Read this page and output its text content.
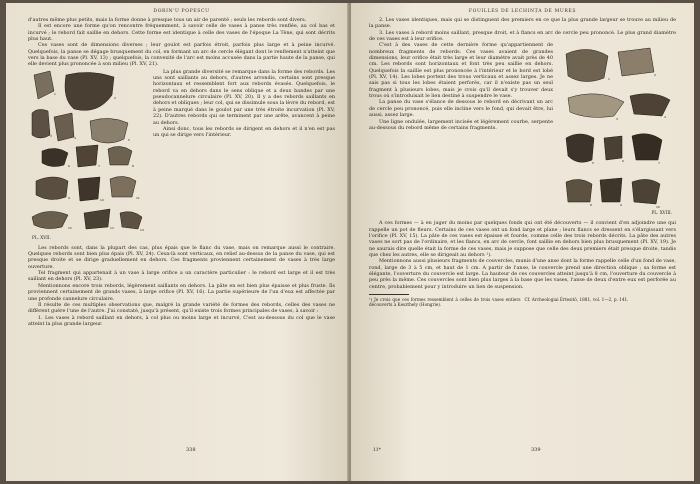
DORIN'U POPESCU

d'autres même plus petits, mais la forme donne à presque tous un air de parenté ; seuls les rebords sont divers.

Il est encore une forme qu'on rencontre fréquemment, à savoir celle de vases à panse très renflée, au col bas et incurvé ; le rebord fait saillie en dehors. Cette forme est identique à celle des vases de l'époque La Tène, qui sont décrits plus haut.

Ces vases sont de dimensions diverses ; leur goulot est parfois étroit, parfois plus large et à peine incurvé. Quelquefois, la panse se dégage brusquement du col, en formant un arc de cercle élégant dont le renflement n'atteint que vers la base du vase (Pl. XV, 13) ; quelquefois, la convexité de l'arc est moins accusée dans la partie haute de la panse, qui elle devient plus prononcée à son milieu (Pl. XV, 21).

1
2
3	4	5
6	7	8
9	10	11
12	13	14
PL. XVII.

La plus grande diversité se remarque dans la forme des rebords. Les uns sont saillants au dehors, d'autres arrondis, certains sont presque horizontaux et ressemblent fort aux rebords évasés. Quelquefois, le rebord va en dehors dans le sens oblique et a deux bandes par une pseudocannelure circulaire (Pl. XV, 20). Il y a des rebords saillants en dehors et obliques ; leur col, qui se dissimule sous la lèvre du rebord, est à peine marqué dans le goulot par une très étroite incurvation (Pl. XV, 22). D'autres rebords qui se terminent par une arête, avancent à peine au dehors.

Ainsi donc, tous les rebords se dirigent en dehors et il n'en est pas un qui se dirige vers l'intérieur.

Les rebords sont, dans la plupart des cas, plus épais que le flanc du vase, mais on remarque aussi le contraire. Quelques rebords sont bien plus épais (Pl. XV, 24). Ceux-là sont verticaux, en relief au-dessus de la panse du vase, qui est presque droite et se dirige graduellement en dehors. Ces fragments proviennent certainement de vases à très large ouverture.

Tel fragment qui appartenait à un vase à large orifice a un caractère particulier : le rebord est large et il est très saillant en dehors (Pl. XV, 23).

Mentionnons encore trois rebords, légèrement saillants en dehors. La pâte en est bien plus épaisse et plus fruste. Ils proviennent certainement de grands vases, à large orifice (Pl. XV, 16). La partie supérieure de l'un d'eux est affectée par une profonde cannelure circulaire.

Il résulte de ces multiples observations que, malgré la grande variété de formes des rebords, celles des vases ne diffèrent guère l'une de l'autre. J'ai constaté, jusqu'à présent, qu'il existe trois formes principales de vases, à savoir :

1. Les vases à rebord saillant en dehors, à col plus ou moins large et incurvé, C'est au-dessous du col que le vase atteint la plus grande largeur.

338
FOUILLES DE LECHINȚA DE MUREȘ

2. Les vases identiques, mais qui se distinguent des premiers en ce que la plus grande largeur se trouve au milieu de la panse.

3. Les vases à rebord moins saillant, presque droit, et à flancs en arc de cercle peu prononcé. Le plus grand diamètre de ces vases est à leur orifice.

C'est à des vases de cette dernière forme qu'appartiennent de nombreux fragments de rebords. Ces vases avaient de grandes dimensions, leur orifice était très large et leur diamètre avait près de 40 cm. Les rebords sont horizontaux et font très peu saillie en dehors. Quelquefois la saillie est plus prononcée à l'intérieur et le bord est lobé (Pl. XV, 14). Les lobes portent des trous verticaux et assez larges. Je ne sais pas si tous les lobes étaient perforés, car il n'existe pas un seul fragment à plusieurs lobes, mais je crois qu'il devait s'y trouver deux trous où s'introduisait le lien destiné à suspendre le vase.

La panse du vase s'élance de dessous le rebord en décrivant un arc de cercle peu prononcé, puis elle incline vers le fond, qui devait être, lui aussi, assez large.

Une ligne ondulée, largement incisée et légèrement courbe, serpente au-dessous du rebord même de certains fragments.

1
2
3	4
5	6	7
8	9	10
PL. XVIII.

A ces formes — à en juger du moins par quelques fonds qui ont été découverts — il convient d'en adjoindre une qui rappelle un pot de fleurs. Certains de ces vases ont un fond large et plane ; leurs flancs se dressent en s'élargissant vers l'orifice (Pl. XV, 15). La pâte de ces vases est épaisse et fourde, comme celle des trois rebords décrits. La pâte des autres vases ne sort pas de l'ordinaire, et les flancs, en arc de cercle, font saillie en dehors bien plus brusquement (Pl. XV, 19). Je ne saurais dire quelle était la forme de ces vases, mais je suppose que celle des deux premiers était presque droite, tandis que chez les autres, elle se dirigeait au dehors ¹).

Mentionnons aussi plusieurs fragments de couvercles, munis d'une anse dont la forme rappelle celle d'un fond de vase, rond, large de 3 à 5 cm, et haut de 1 cm. A partir de l'anse, le couvercle prend une direction oblique ; sa forme est élégante, l'ouverture du couvercle est large. La hauteur de ces couvercles atteint jusqu'à 8 cm, l'ouverture du couvercle à peu près la même. Ces couvercles sont bien plus larges à la base que les vases, l'anse de deux d'entre eux est perforée au centre, probablement pour y introduire un lien de suspension.

¹) Je crois que ces formes ressemblent à celles de trois vases entiers découverts à Keszthely (Hongrie).

Cf. Archeologiai Értesitö, 1881, vol. 1—2, p. 141.

11*	339
